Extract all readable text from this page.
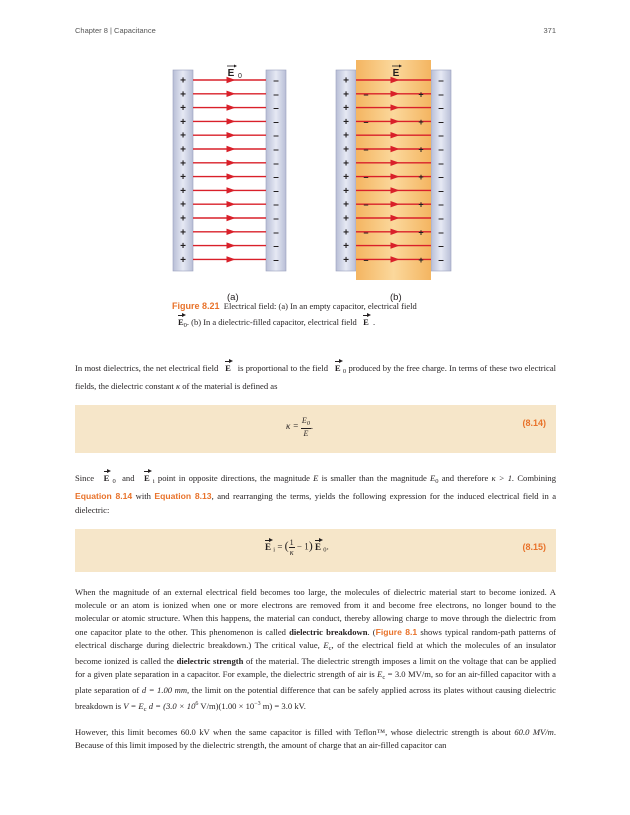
Chapter 8 | Capacitance	371
+	–
+	–
+	–
+	–
+	–
+	–
+	–
+	–
+	–
+	–
+	–
+	–
+	–
+	–
+	–
+	–
–	+
+	–
+	–
–	+
+	–
+	–
–	+
+	–
+	–
–	+
+	–
+	–
–	+
+	–
+	–
–	+
+	–
+	–
–	+
E 0	E
(a)	(b)
Figure 8.21 Electrical field: (a) In an empty capacitor, electrical field
$E_0$. (b) In a dielectric-filled capacitor, electrical field E .
In most dielectrics, the net electrical field E is proportional to the field E $_0$ produced by the free charge. In terms of these two electrical fields, the dielectric constant κ of the material is defined as
$\kappa = \frac{E_0}{E}$ .	(8.14)
Since E $_0$ and E $_i$ point in opposite directions, the magnitude E is smaller than the magnitude $E_0$ and therefore κ > 1. Combining Equation 8.14 with Equation 8.13, and rearranging the terms, yields the following expression for the induced electrical field in a dielectric:
E $_i$ = ( $\frac{1}{\kappa} - 1$) E $_0$.	(8.15)
When the magnitude of an external electrical field becomes too large, the molecules of dielectric material start to become ionized. A molecule or an atom is ionized when one or more electrons are removed from it and become free electrons, no longer bound to the molecular or atomic structure. When this happens, the material can conduct, thereby allowing charge to move through the dielectric from one capacitor plate to the other. This phenomenon is called dielectric breakdown. (Figure 8.1 shows typical random-path patterns of electrical discharge during dielectric breakdown.) The critical value, $E_c$, of the electrical field at which the molecules of an insulator become ionized is called the dielectric strength of the material. The dielectric strength imposes a limit on the voltage that can be applied for a given plate separation in a capacitor. For example, the dielectric strength of air is $E_c = 3.0$ MV/m, so for an air-filled capacitor with a plate separation of d = 1.00 mm, the limit on the potential difference that can be safely applied across its plates without causing dielectric breakdown is $V = E_c$ $d = (3.0 \times 10^6$ $V/m)(1.00 \times 10^{-3}$ m) = 3.0 kV.
However, this limit becomes 60.0 kV when the same capacitor is filled with Teflon™, whose dielectric strength is about 60.0 MV/m. Because of this limit imposed by the dielectric strength, the amount of charge that an air-filled capacitor can
